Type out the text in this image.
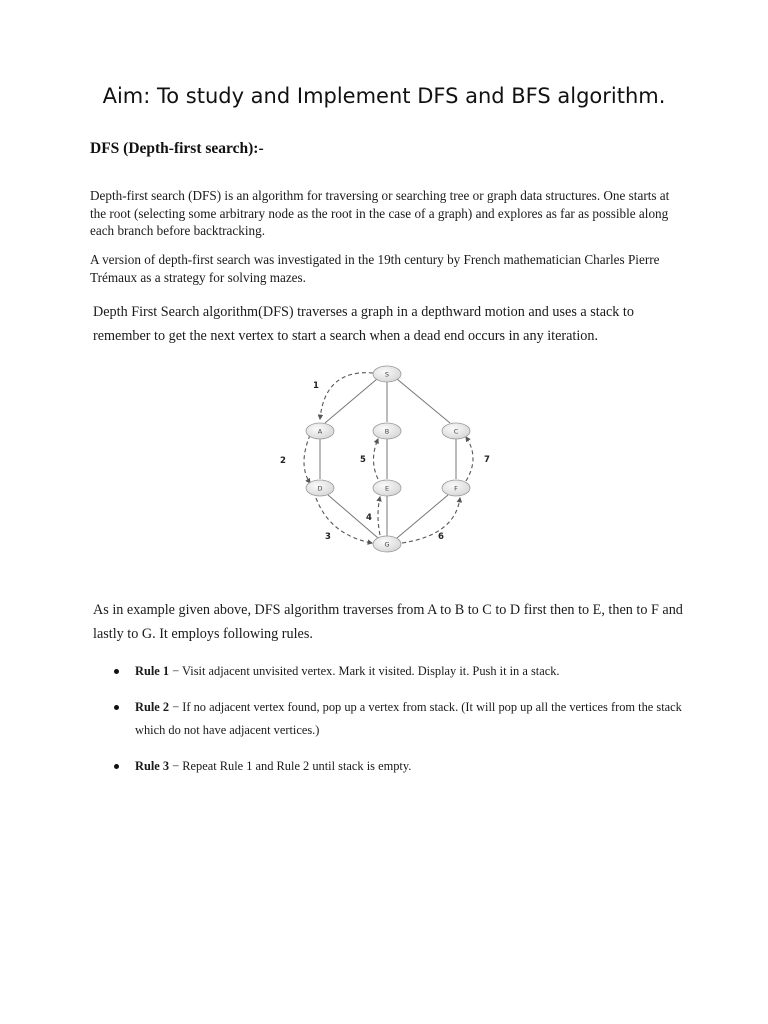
Aim: To study and Implement DFS and BFS algorithm.
DFS (Depth-first search):-

Depth-first search (DFS) is an algorithm for traversing or searching tree or graph data structures. One starts at the root (selecting some arbitrary node as the root in the case of a graph) and explores as far as possible along each branch before backtracking.

A version of depth-first search was investigated in the 19th century by French mathematician Charles Pierre Trémaux as a strategy for solving mazes.

Depth First Search algorithm(DFS) traverses a graph in a depthward motion and uses a stack to remember to get the next vertex to start a search when a dead end occurs in any iteration.

1
2
3
4
5
6
7
S
A	B	C
D	E	F
G

As in example given above, DFS algorithm traverses from A to B to C to D first then to E, then to F and lastly to G. It employs following rules.

Rule 1 − Visit adjacent unvisited vertex. Mark it visited. Display it. Push it in a stack.
Rule 2 − If no adjacent vertex found, pop up a vertex from stack. (It will pop up all the vertices from the stack which do not have adjacent vertices.)
Rule 3 − Repeat Rule 1 and Rule 2 until stack is empty.
